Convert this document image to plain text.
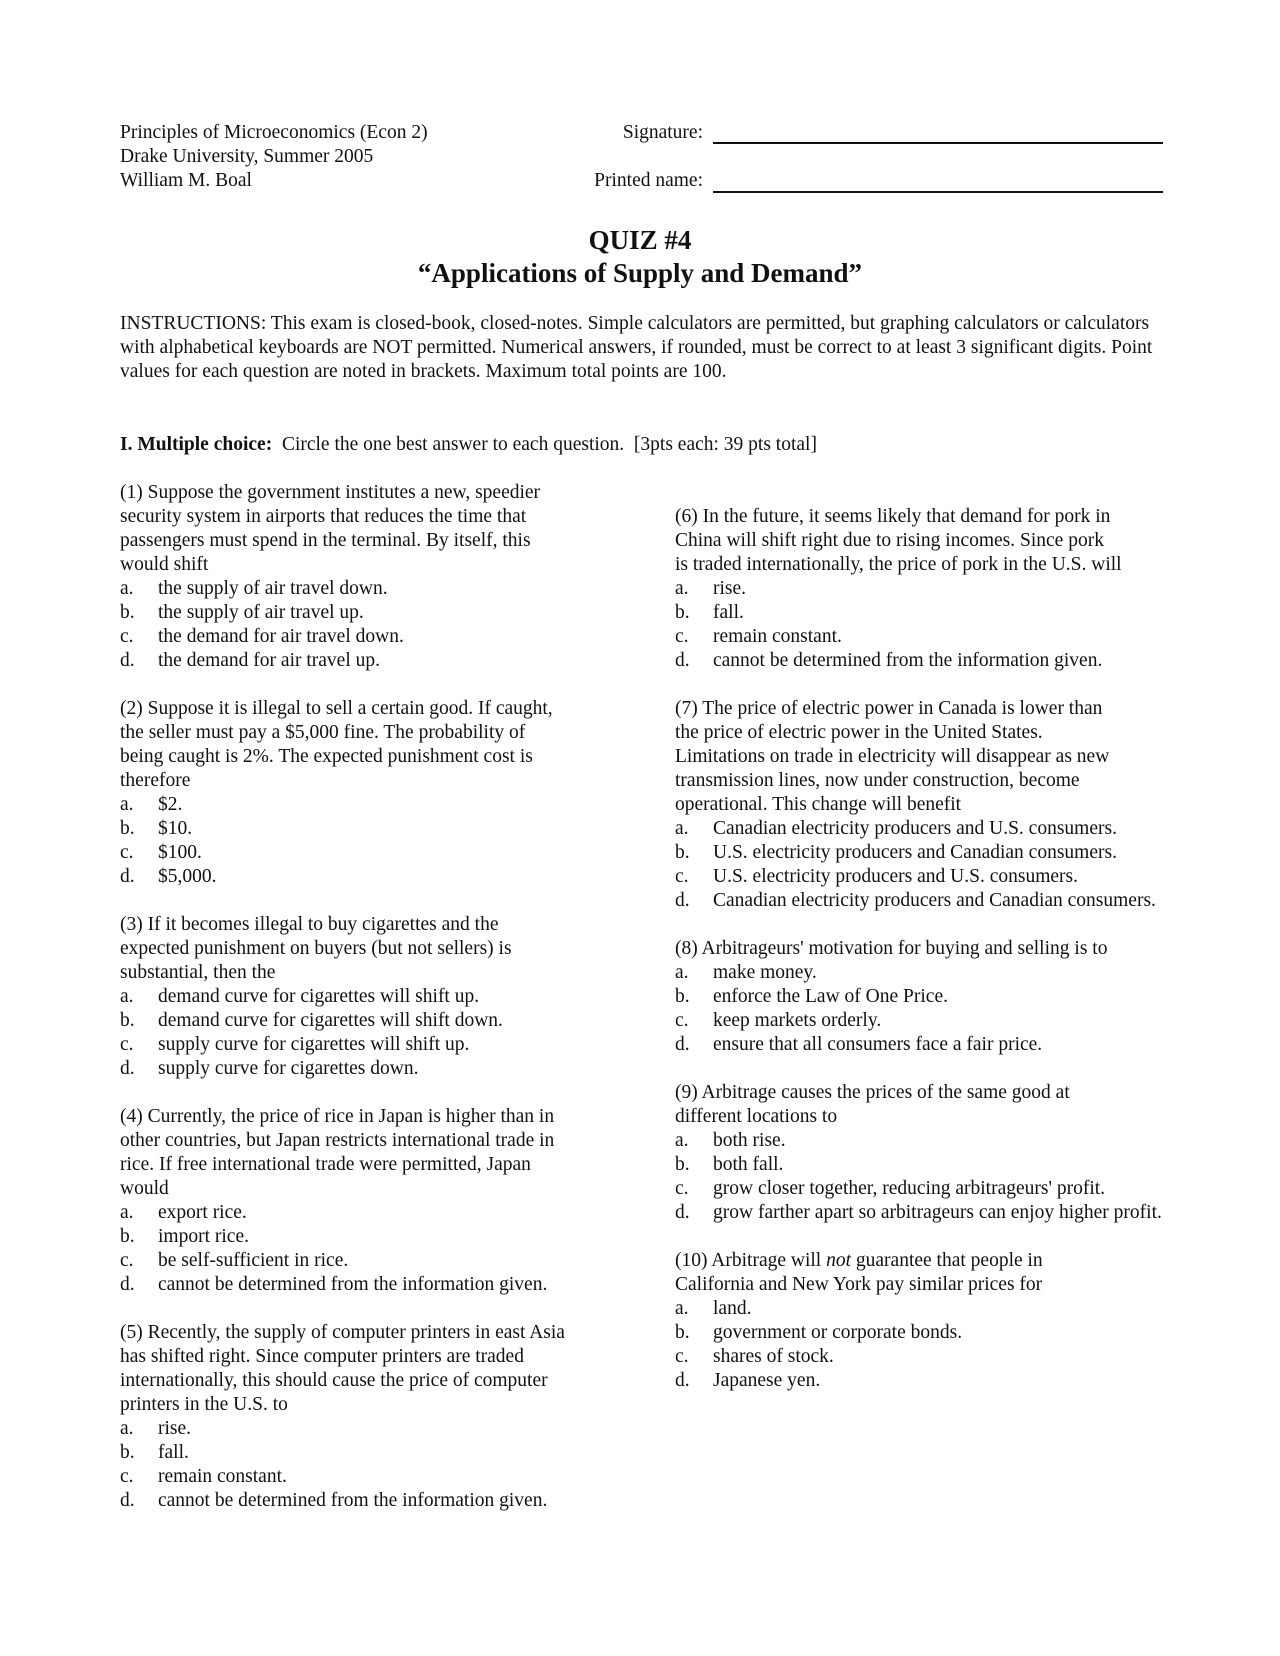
Principles of Microeconomics (Econ 2)
Drake University, Summer 2005
William M. Boal
Signature:
Printed name:
QUIZ #4
“Applications of Supply and Demand”
INSTRUCTIONS: This exam is closed-book, closed-notes. Simple calculators are permitted, but graphing calculators or calculators with alphabetical keyboards are NOT permitted. Numerical answers, if rounded, must be correct to at least 3 significant digits. Point values for each question are noted in brackets. Maximum total points are 100.
I. Multiple choice:  Circle the one best answer to each question.  [3pts each: 39 pts total]
(1) Suppose the government institutes a new, speedier
security system in airports that reduces the time that
passengers must spend in the terminal. By itself, this
would shift
a. the supply of air travel down.
b. the supply of air travel up.
c. the demand for air travel down.
d. the demand for air travel up.
(2) Suppose it is illegal to sell a certain good. If caught,
the seller must pay a $5,000 fine. The probability of
being caught is 2%. The expected punishment cost is
therefore
a. $2.
b. $10.
c. $100.
d. $5,000.
(3) If it becomes illegal to buy cigarettes and the
expected punishment on buyers (but not sellers) is
substantial, then the
a. demand curve for cigarettes will shift up.
b. demand curve for cigarettes will shift down.
c. supply curve for cigarettes will shift up.
d. supply curve for cigarettes down.
(4) Currently, the price of rice in Japan is higher than in
other countries, but Japan restricts international trade in
rice. If free international trade were permitted, Japan
would
a. export rice.
b. import rice.
c. be self-sufficient in rice.
d. cannot be determined from the information given.
(5) Recently, the supply of computer printers in east Asia
has shifted right. Since computer printers are traded
internationally, this should cause the price of computer
printers in the U.S. to
a. rise.
b. fall.
c. remain constant.
d. cannot be determined from the information given.
(6) In the future, it seems likely that demand for pork in
China will shift right due to rising incomes. Since pork
is traded internationally, the price of pork in the U.S. will
a. rise.
b. fall.
c. remain constant.
d. cannot be determined from the information given.
(7) The price of electric power in Canada is lower than
the price of electric power in the United States.
Limitations on trade in electricity will disappear as new
transmission lines, now under construction, become
operational. This change will benefit
a. Canadian electricity producers and U.S. consumers.
b. U.S. electricity producers and Canadian consumers.
c. U.S. electricity producers and U.S. consumers.
d. Canadian electricity producers and Canadian consumers.
(8) Arbitrageurs' motivation for buying and selling is to
a. make money.
b. enforce the Law of One Price.
c. keep markets orderly.
d. ensure that all consumers face a fair price.
(9) Arbitrage causes the prices of the same good at
different locations to
a. both rise.
b. both fall.
c. grow closer together, reducing arbitrageurs' profit.
d. grow farther apart so arbitrageurs can enjoy higher profit.
(10) Arbitrage will not guarantee that people in
California and New York pay similar prices for
a. land.
b. government or corporate bonds.
c. shares of stock.
d. Japanese yen.
